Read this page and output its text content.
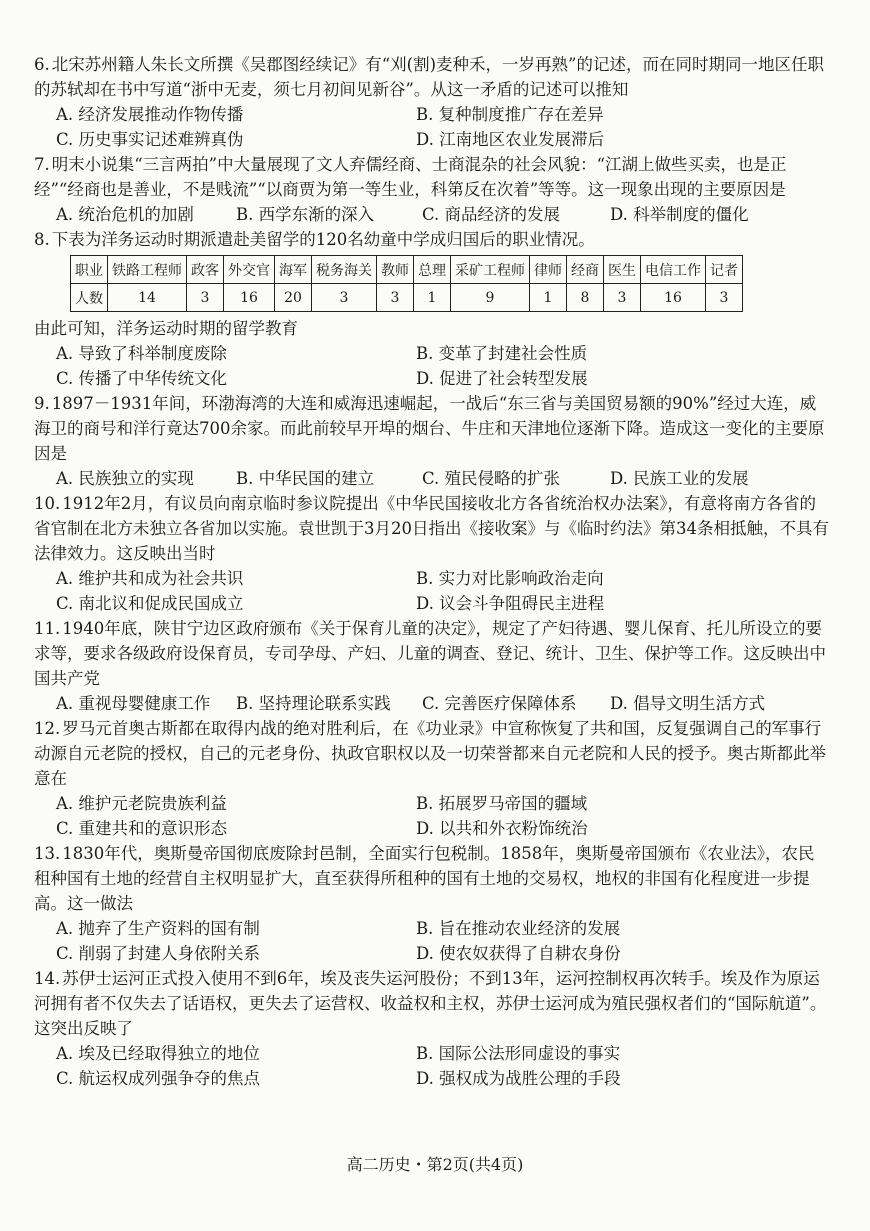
6. 北宋苏州籍人朱长文所撰《吴郡图经续记》有“刈(割)麦种禾，一岁再熟”的记述，而在同时期同一地区任职的苏轼却在书中写道“浙中无麦，须七月初间见新谷”。从这一矛盾的记述可以推知
A. 经济发展推动作物传播	B. 复种制度推广存在差异
C. 历史事实记述难辨真伪	D. 江南地区农业发展滞后
7. 明末小说集“三言两拍”中大量展现了文人弃儒经商、士商混杂的社会风貌：“江湖上做些买卖，也是正经”“经商也是善业，不是贱流”“以商贾为第一等生业，科第反在次着”等等。这一现象出现的主要原因是
A. 统治危机的加剧	B. 西学东渐的深入	C. 商品经济的发展	D. 科举制度的僵化
8. 下表为洋务运动时期派遣赴美留学的120名幼童中学成归国后的职业情况。
职业	铁路工程师	政客	外交官	海军	税务海关	教师	总理	采矿工程师	律师	经商	医生	电信工作	记者
人数	14	3	16	20	3	3	1	9	1	8	3	16	3
由此可知，洋务运动时期的留学教育
A. 导致了科举制度废除	B. 变革了封建社会性质
C. 传播了中华传统文化	D. 促进了社会转型发展
9. 1897－1931年间，环渤海湾的大连和威海迅速崛起，一战后“东三省与美国贸易额的90%”经过大连，威海卫的商号和洋行竟达700余家。而此前较早开埠的烟台、牛庄和天津地位逐渐下降。造成这一变化的主要原因是
A. 民族独立的实现	B. 中华民国的建立	C. 殖民侵略的扩张	D. 民族工业的发展
10. 1912年2月，有议员向南京临时参议院提出《中华民国接收北方各省统治权办法案》，有意将南方各省的省官制在北方未独立各省加以实施。袁世凯于3月20日指出《接收案》与《临时约法》第34条相抵触，不具有法律效力。这反映出当时
A. 维护共和成为社会共识	B. 实力对比影响政治走向
C. 南北议和促成民国成立	D. 议会斗争阻碍民主进程
11. 1940年底，陕甘宁边区政府颁布《关于保育儿童的决定》，规定了产妇待遇、婴儿保育、托儿所设立的要求等，要求各级政府设保育员，专司孕母、产妇、儿童的调查、登记、统计、卫生、保护等工作。这反映出中国共产党
A. 重视母婴健康工作	B. 坚持理论联系实践	C. 完善医疗保障体系	D. 倡导文明生活方式
12. 罗马元首奥古斯都在取得内战的绝对胜利后，在《功业录》中宣称恢复了共和国，反复强调自己的军事行动源自元老院的授权，自己的元老身份、执政官职权以及一切荣誉都来自元老院和人民的授予。奥古斯都此举意在
A. 维护元老院贵族利益	B. 拓展罗马帝国的疆域
C. 重建共和的意识形态	D. 以共和外衣粉饰统治
13. 1830年代，奥斯曼帝国彻底废除封邑制，全面实行包税制。1858年，奥斯曼帝国颁布《农业法》，农民租种国有土地的经营自主权明显扩大，直至获得所租种的国有土地的交易权，地权的非国有化程度进一步提高。这一做法
A. 抛弃了生产资料的国有制	B. 旨在推动农业经济的发展
C. 削弱了封建人身依附关系	D. 使农奴获得了自耕农身份
14. 苏伊士运河正式投入使用不到6年，埃及丧失运河股份；不到13年，运河控制权再次转手。埃及作为原运河拥有者不仅失去了话语权，更失去了运营权、收益权和主权，苏伊士运河成为殖民强权者们的“国际航道”。这突出反映了
A. 埃及已经取得独立的地位	B. 国际公法形同虚设的事实
C. 航运权成列强争夺的焦点	D. 强权成为战胜公理的手段
高二历史・第2页(共4页)
